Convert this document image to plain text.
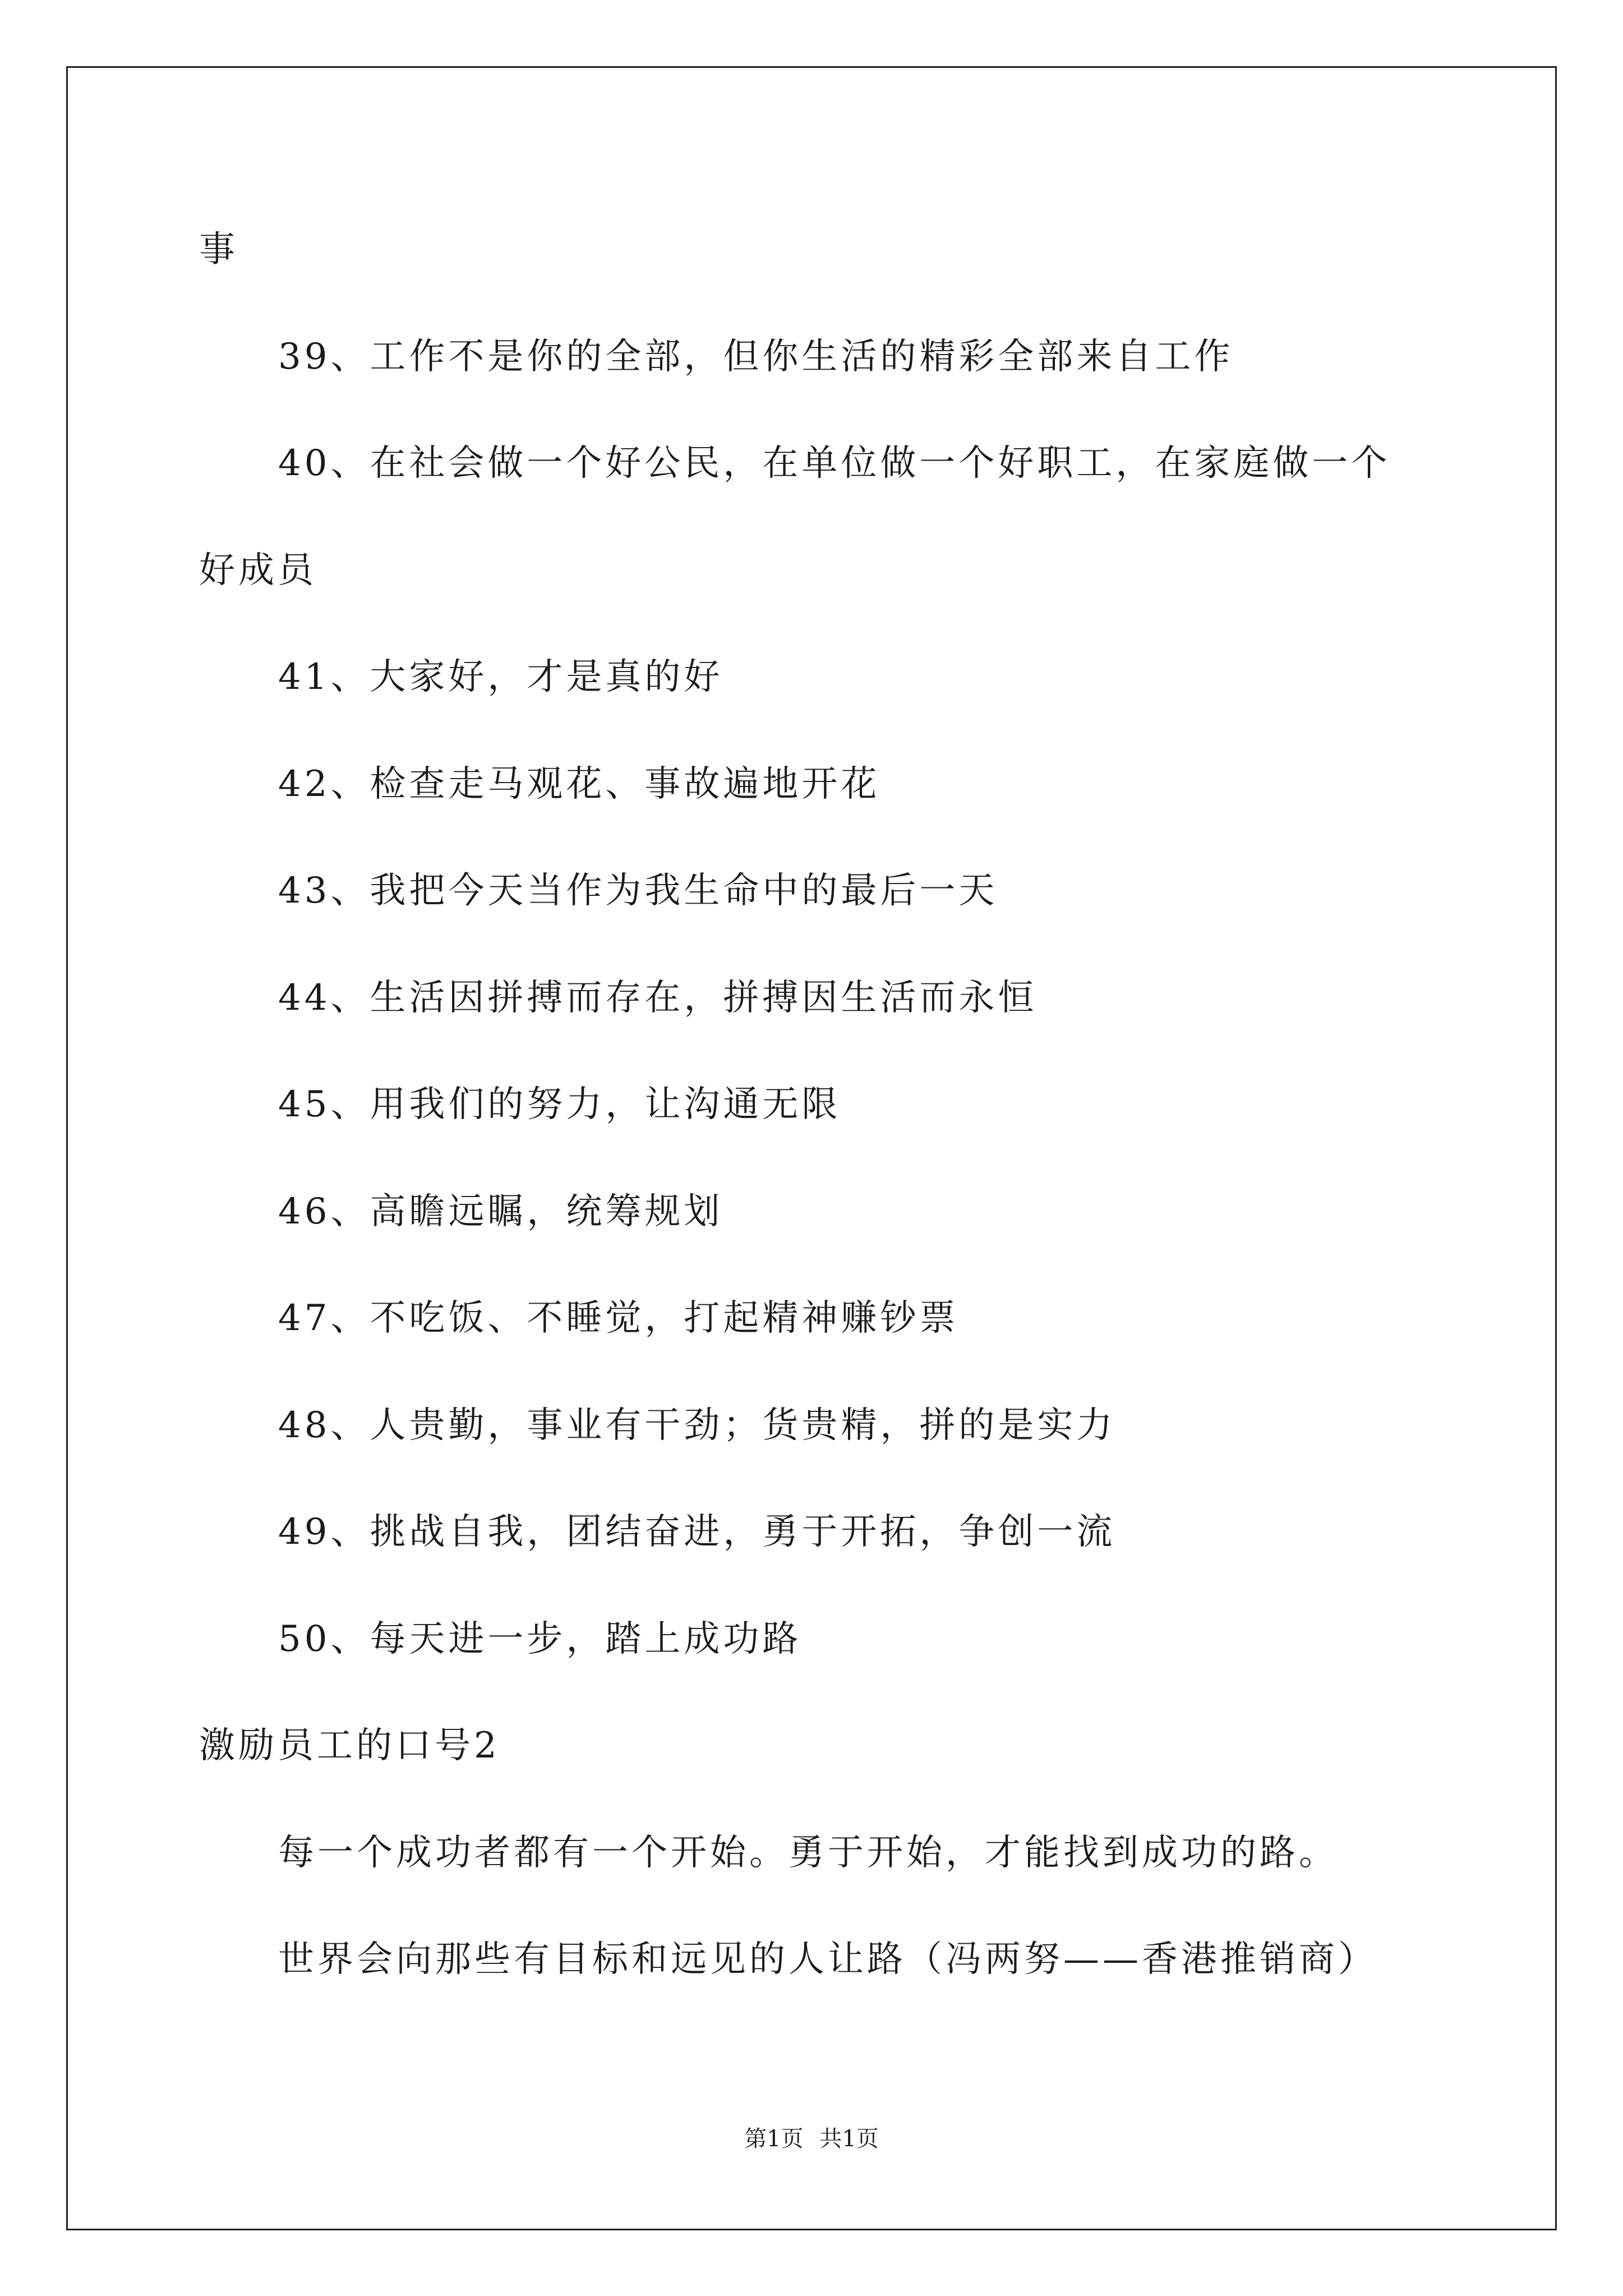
事
39、工作不是你的全部，但你生活的精彩全部来自工作
40、在社会做一个好公民，在单位做一个好职工，在家庭做一个
好成员
41、大家好，才是真的好
42、检查走马观花、事故遍地开花
43、我把今天当作为我生命中的最后一天
44、生活因拼搏而存在，拼搏因生活而永恒
45、用我们的努力，让沟通无限
46、高瞻远瞩，统筹规划
47、不吃饭、不睡觉，打起精神赚钞票
48、人贵勤，事业有干劲；货贵精，拼的是实力
49、挑战自我，团结奋进，勇于开拓，争创一流
50、每天进一步，踏上成功路
激励员工的口号2
每一个成功者都有一个开始。勇于开始，才能找到成功的路。
世界会向那些有目标和远见的人让路（冯两努——香港推销商）
第1页 共1页
